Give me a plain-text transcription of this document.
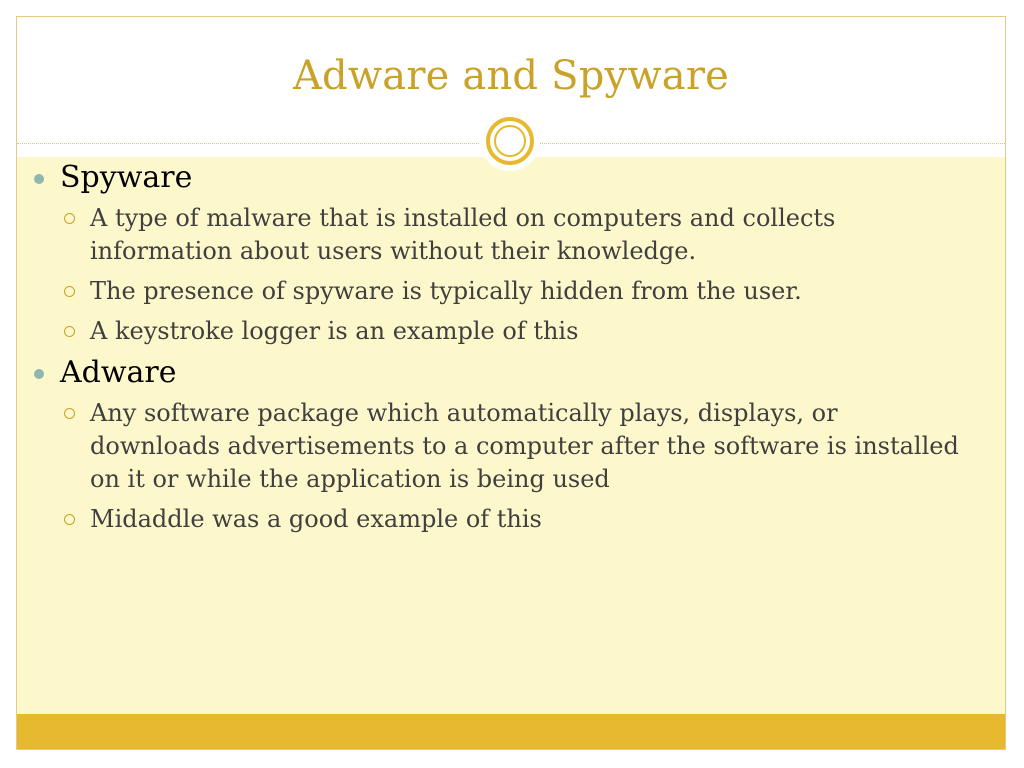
Adware and Spyware
Spyware
A type of malware that is installed on computers and collects information about users without their knowledge.
The presence of spyware is typically hidden from the user.
A keystroke logger is an example of this
Adware
Any software package which automatically plays, displays, or downloads advertisements to a computer after the software is installed on it or while the application is being used
Midaddle was a good example of this
